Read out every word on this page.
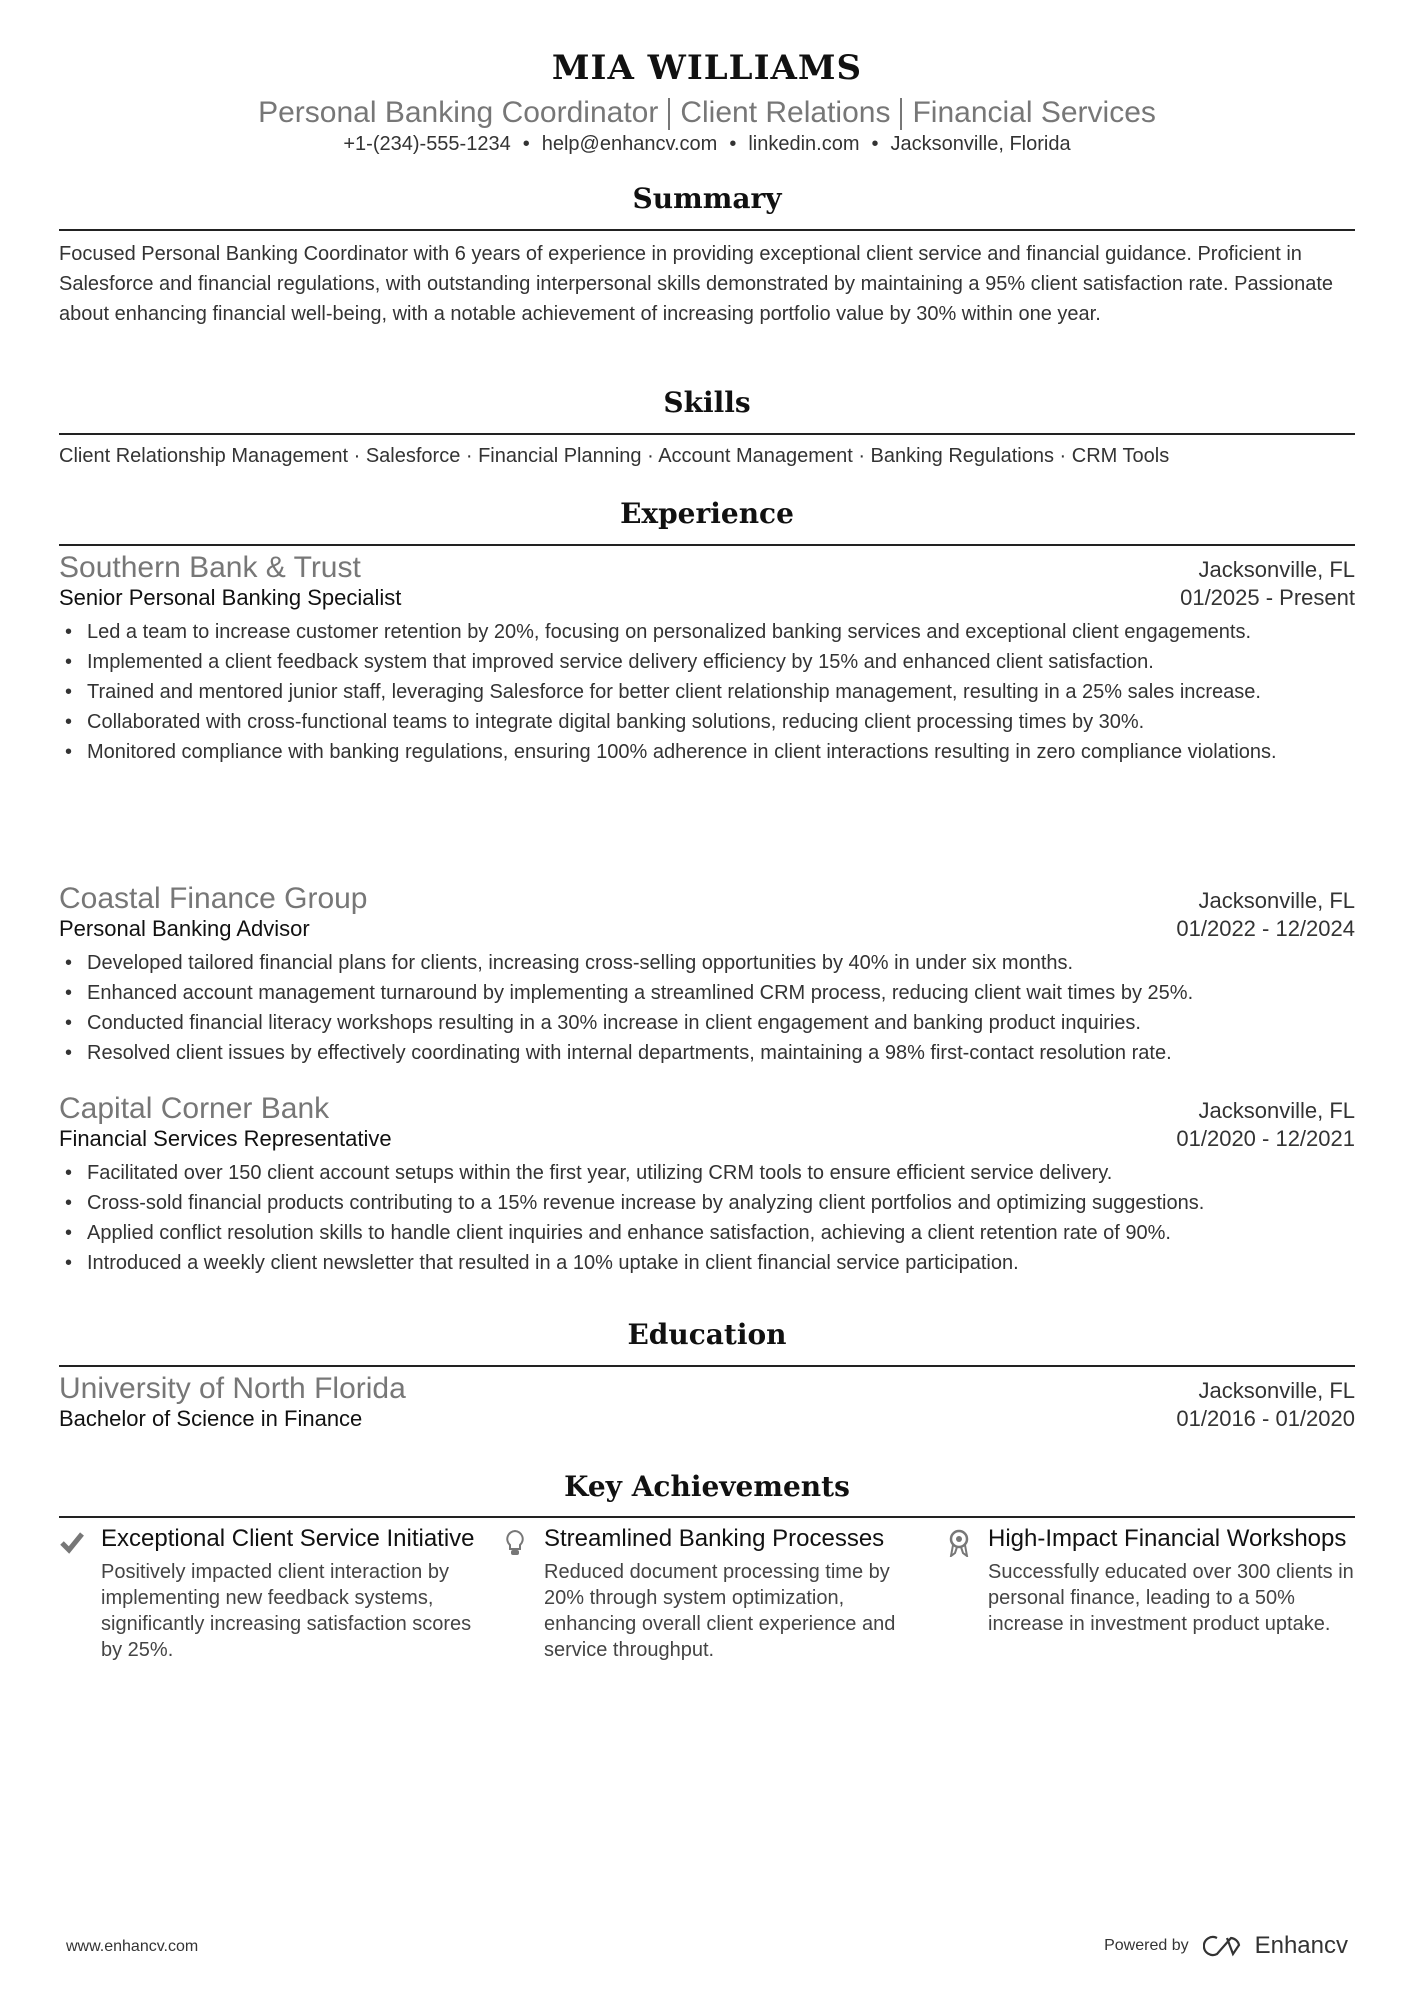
MIA WILLIAMS
Personal Banking Coordinator Client Relations Financial Services
+1-(234)-555-1234 • help@enhancv.com • linkedin.com • Jacksonville, Florida
Summary
Focused Personal Banking Coordinator with 6 years of experience in providing exceptional client service and financial guidance. Proficient in Salesforce and financial regulations, with outstanding interpersonal skills demonstrated by maintaining a 95% client satisfaction rate. Passionate about enhancing financial well-being, with a notable achievement of increasing portfolio value by 30% within one year.
Skills
Client Relationship Management · Salesforce · Financial Planning · Account Management · Banking Regulations · CRM Tools
Experience
Southern Bank & Trust	Jacksonville, FL
Senior Personal Banking Specialist	01/2025 - Present
• Led a team to increase customer retention by 20%, focusing on personalized banking services and exceptional client engagements.
• Implemented a client feedback system that improved service delivery efficiency by 15% and enhanced client satisfaction.
• Trained and mentored junior staff, leveraging Salesforce for better client relationship management, resulting in a 25% sales increase.
• Collaborated with cross-functional teams to integrate digital banking solutions, reducing client processing times by 30%.
• Monitored compliance with banking regulations, ensuring 100% adherence in client interactions resulting in zero compliance violations.
Coastal Finance Group	Jacksonville, FL
Personal Banking Advisor	01/2022 - 12/2024
• Developed tailored financial plans for clients, increasing cross-selling opportunities by 40% in under six months.
• Enhanced account management turnaround by implementing a streamlined CRM process, reducing client wait times by 25%.
• Conducted financial literacy workshops resulting in a 30% increase in client engagement and banking product inquiries.
• Resolved client issues by effectively coordinating with internal departments, maintaining a 98% first-contact resolution rate.
Capital Corner Bank	Jacksonville, FL
Financial Services Representative	01/2020 - 12/2021
• Facilitated over 150 client account setups within the first year, utilizing CRM tools to ensure efficient service delivery.
• Cross-sold financial products contributing to a 15% revenue increase by analyzing client portfolios and optimizing suggestions.
• Applied conflict resolution skills to handle client inquiries and enhance satisfaction, achieving a client retention rate of 90%.
• Introduced a weekly client newsletter that resulted in a 10% uptake in client financial service participation.
Education
University of North Florida	Jacksonville, FL
Bachelor of Science in Finance	01/2016 - 01/2020
Key Achievements
Exceptional Client Service Initiative
Positively impacted client interaction by implementing new feedback systems, significantly increasing satisfaction scores by 25%.
Streamlined Banking Processes
Reduced document processing time by 20% through system optimization, enhancing overall client experience and service throughput.
High-Impact Financial Workshops
Successfully educated over 300 clients in personal finance, leading to a 50% increase in investment product uptake.
www.enhancv.com	Powered by	Enhancv
